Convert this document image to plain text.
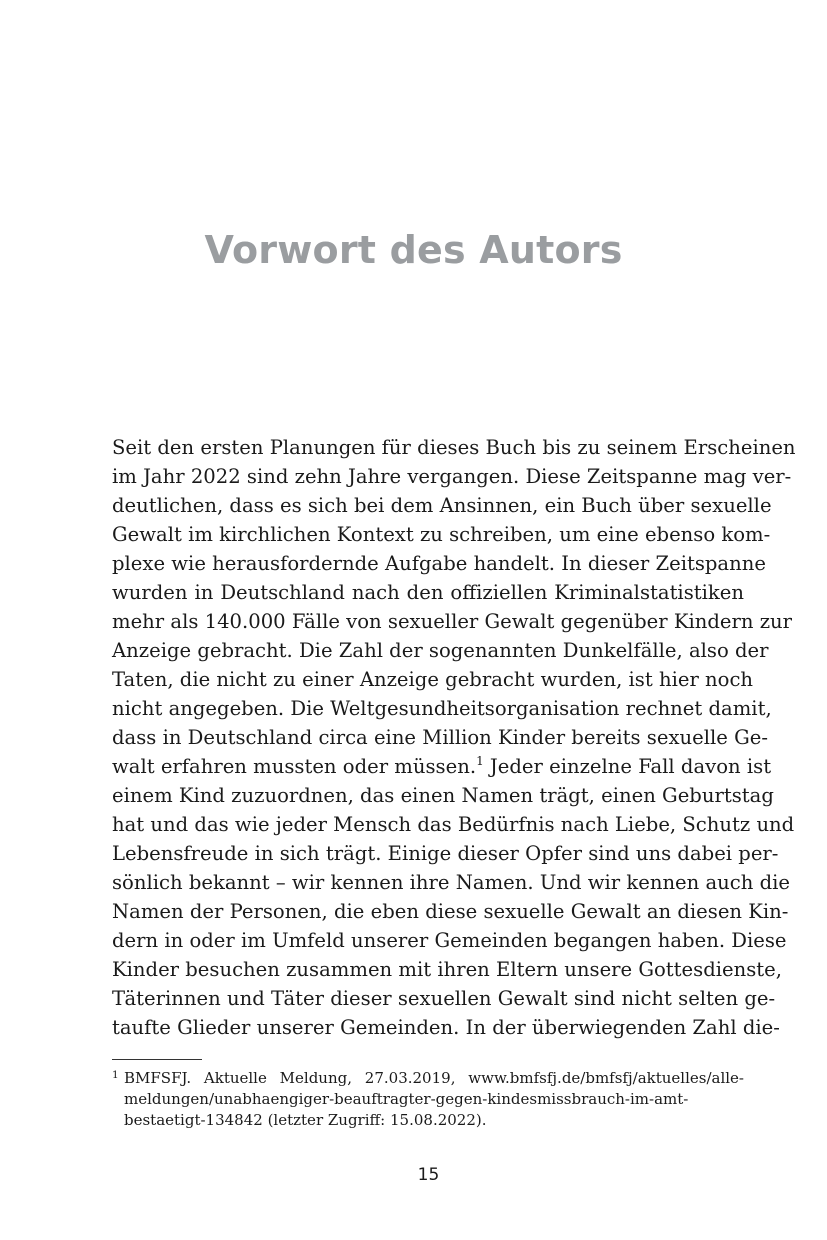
Vorwort des Autors
Seit den ersten Planungen für dieses Buch bis zu seinem Erscheinen
im Jahr 2022 sind zehn Jahre vergangen. Diese Zeitspanne mag ver-
deutlichen, dass es sich bei dem Ansinnen, ein Buch über sexuelle
Gewalt im kirchlichen Kontext zu schreiben, um eine ebenso kom-
plexe wie herausfordernde Aufgabe handelt. In dieser Zeitspanne
wurden in Deutschland nach den offiziellen Kriminalstatistiken
mehr als 140.000 Fälle von sexueller Gewalt gegenüber Kindern zur
Anzeige gebracht. Die Zahl der sogenannten Dunkelfälle, also der
Taten, die nicht zu einer Anzeige gebracht wurden, ist hier noch
nicht angegeben. Die Weltgesundheitsorganisation rechnet damit,
dass in Deutschland circa eine Million Kinder bereits sexuelle Ge-
walt erfahren mussten oder müssen.$^1$ Jeder einzelne Fall davon ist
einem Kind zuzuordnen, das einen Namen trägt, einen Geburtstag
hat und das wie jeder Mensch das Bedürfnis nach Liebe, Schutz und
Lebensfreude in sich trägt. Einige dieser Opfer sind uns dabei per-
sönlich bekannt – wir kennen ihre Namen. Und wir kennen auch die
Namen der Personen, die eben diese sexuelle Gewalt an diesen Kin-
dern in oder im Umfeld unserer Gemeinden begangen haben. Diese
Kinder besuchen zusammen mit ihren Eltern unsere Gottesdienste,
Täterinnen und Täter dieser sexuellen Gewalt sind nicht selten ge-
taufte Glieder unserer Gemeinden. In der überwiegenden Zahl die-
1 BMFSFJ. Aktuelle Meldung, 27.03.2019, www.bmfsfj.de/bmfsfj/aktuelles/alle-
meldungen/unabhaengiger-beauftragter-gegen-kindesmissbrauch-im-amt-
bestaetigt-134842 (letzter Zugriff: 15.08.2022).
15
